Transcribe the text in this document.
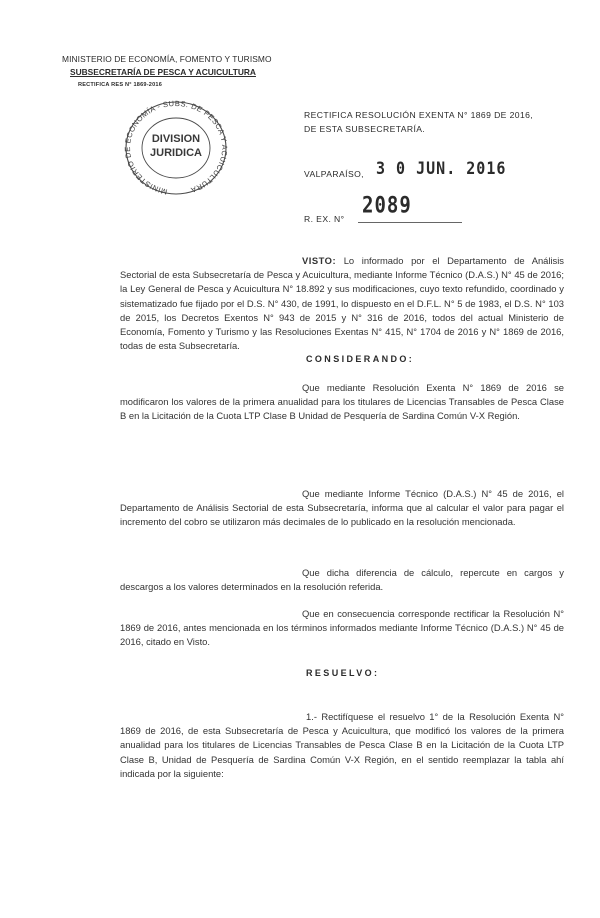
MINISTERIO DE ECONOMÍA, FOMENTO Y TURISMO
SUBSECRETARÍA DE PESCA Y ACUICULTURA
RECTIFICA RES N° 1869-2016
MINISTERIO DE ECONOMÍA - SUBS. DE PESCA Y ACUICULTURA
DIVISION
JURIDICA
RECTIFICA RESOLUCIÓN EXENTA N° 1869 DE 2016,
DE ESTA SUBSECRETARÍA.
VALPARAÍSO, 3 0 JUN. 2016
R. EX. N°
2089
VISTO: Lo informado por el Departamento de Análisis Sectorial de esta Subsecretaría de Pesca y Acuicultura, mediante Informe Técnico (D.A.S.) N° 45 de 2016; la Ley General de Pesca y Acuicultura N° 18.892 y sus modificaciones, cuyo texto refundido, coordinado y sistematizado fue fijado por el D.S. N° 430, de 1991, lo dispuesto en el D.F.L. N° 5 de 1983, el D.S. N° 103 de 2015, los Decretos Exentos N° 943 de 2015 y N° 316 de 2016, todos del actual Ministerio de Economía, Fomento y Turismo y las Resoluciones Exentas N° 415, N° 1704 de 2016 y N° 1869 de 2016, todas de esta Subsecretaría.
CONSIDERANDO:
Que mediante Resolución Exenta N° 1869 de 2016 se modificaron los valores de la primera anualidad para los titulares de Licencias Transables de Pesca Clase B en la Licitación de la Cuota LTP Clase B Unidad de Pesquería de Sardina Común V-X Región.
Que mediante Informe Técnico (D.A.S.) N° 45 de 2016, el Departamento de Análisis Sectorial de esta Subsecretaría, informa que al calcular el valor para pagar el incremento del cobro se utilizaron más decimales de lo publicado en la resolución mencionada.
Que dicha diferencia de cálculo, repercute en cargos y descargos a los valores determinados en la resolución referida.
Que en consecuencia corresponde rectificar la Resolución N° 1869 de 2016, antes mencionada en los términos informados mediante Informe Técnico (D.A.S.) N° 45 de 2016, citado en Visto.
RESUELVO:
1.- Rectifíquese el resuelvo 1° de la Resolución Exenta N° 1869 de 2016, de esta Subsecretaría de Pesca y Acuicultura, que modificó los valores de la primera anualidad para los titulares de Licencias Transables de Pesca Clase B en la Licitación de la Cuota LTP Clase B, Unidad de Pesquería de Sardina Común V-X Región, en el sentido reemplazar la tabla ahí indicada por la siguiente:
